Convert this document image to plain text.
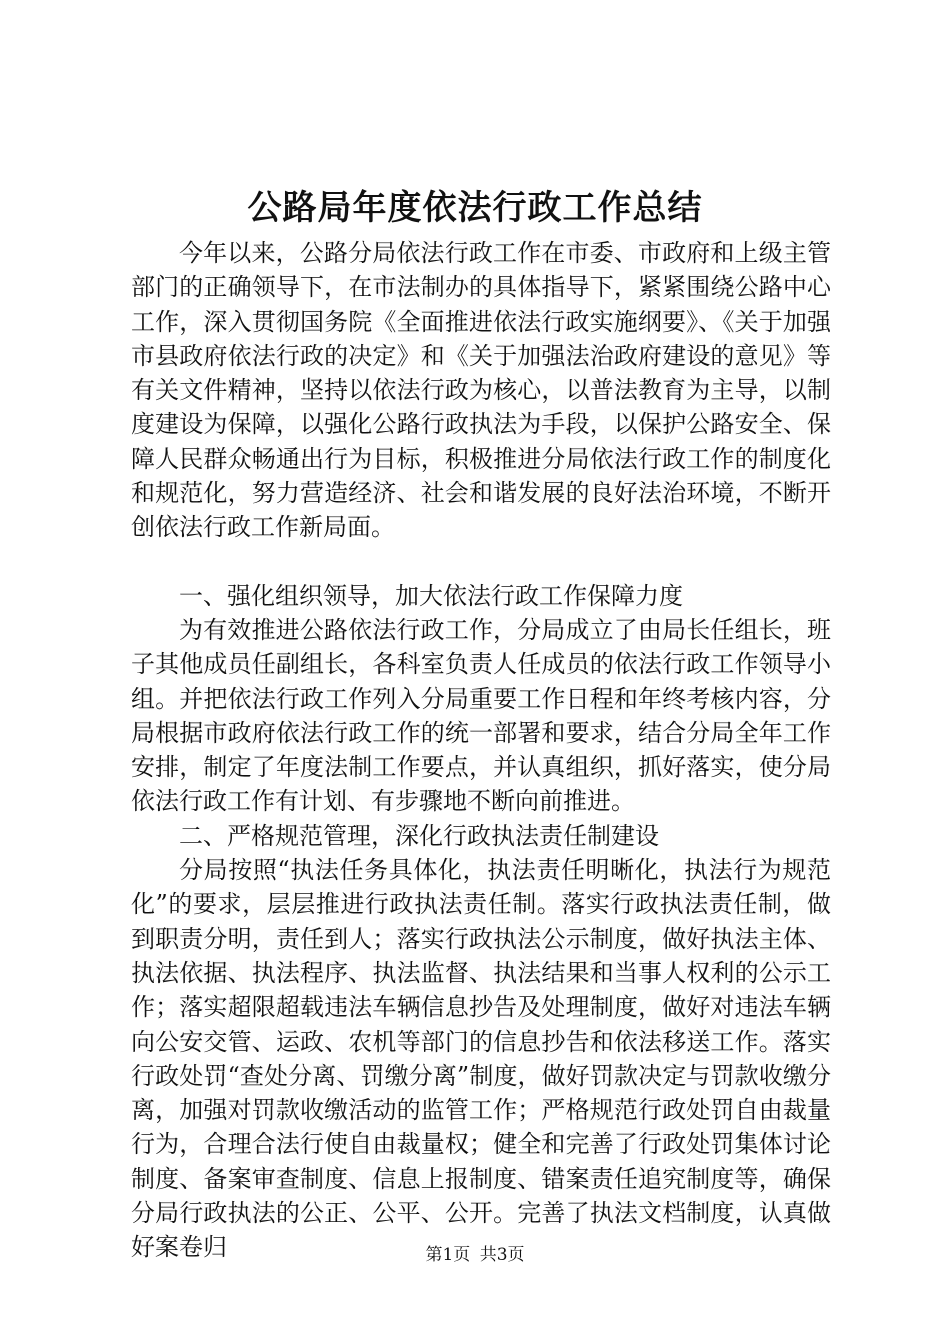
公路局年度依法行政工作总结

今年以来，公路分局依法行政工作在市委、市政府和上级主管部门的正确领导下，在市法制办的具体指导下，紧紧围绕公路中心工作，深入贯彻国务院《全面推进依法行政实施纲要》、《关于加强市县政府依法行政的决定》和《关于加强法治政府建设的意见》等有关文件精神，坚持以依法行政为核心，以普法教育为主导，以制度建设为保障，以强化公路行政执法为手段，以保护公路安全、保障人民群众畅通出行为目标，积极推进分局依法行政工作的制度化和规范化，努力营造经济、社会和谐发展的良好法治环境，不断开创依法行政工作新局面。

一、强化组织领导，加大依法行政工作保障力度

为有效推进公路依法行政工作，分局成立了由局长任组长，班子其他成员任副组长，各科室负责人任成员的依法行政工作领导小组。并把依法行政工作列入分局重要工作日程和年终考核内容，分局根据市政府依法行政工作的统一部署和要求，结合分局全年工作安排，制定了年度法制工作要点，并认真组织，抓好落实，使分局依法行政工作有计划、有步骤地不断向前推进。

二、严格规范管理，深化行政执法责任制建设

分局按照“执法任务具体化，执法责任明晰化，执法行为规范化”的要求，层层推进行政执法责任制。落实行政执法责任制，做到职责分明，责任到人；落实行政执法公示制度，做好执法主体、执法依据、执法程序、执法监督、执法结果和当事人权利的公示工作；落实超限超载违法车辆信息抄告及处理制度，做好对违法车辆向公安交管、运政、农机等部门的信息抄告和依法移送工作。落实行政处罚“查处分离、罚缴分离”制度，做好罚款决定与罚款收缴分离，加强对罚款收缴活动的监管工作；严格规范行政处罚自由裁量行为，合理合法行使自由裁量权；健全和完善了行政处罚集体讨论制度、备案审查制度、信息上报制度、错案责任追究制度等，确保分局行政执法的公正、公平、公开。完善了执法文档制度，认真做好案卷归	第1页 共3页
